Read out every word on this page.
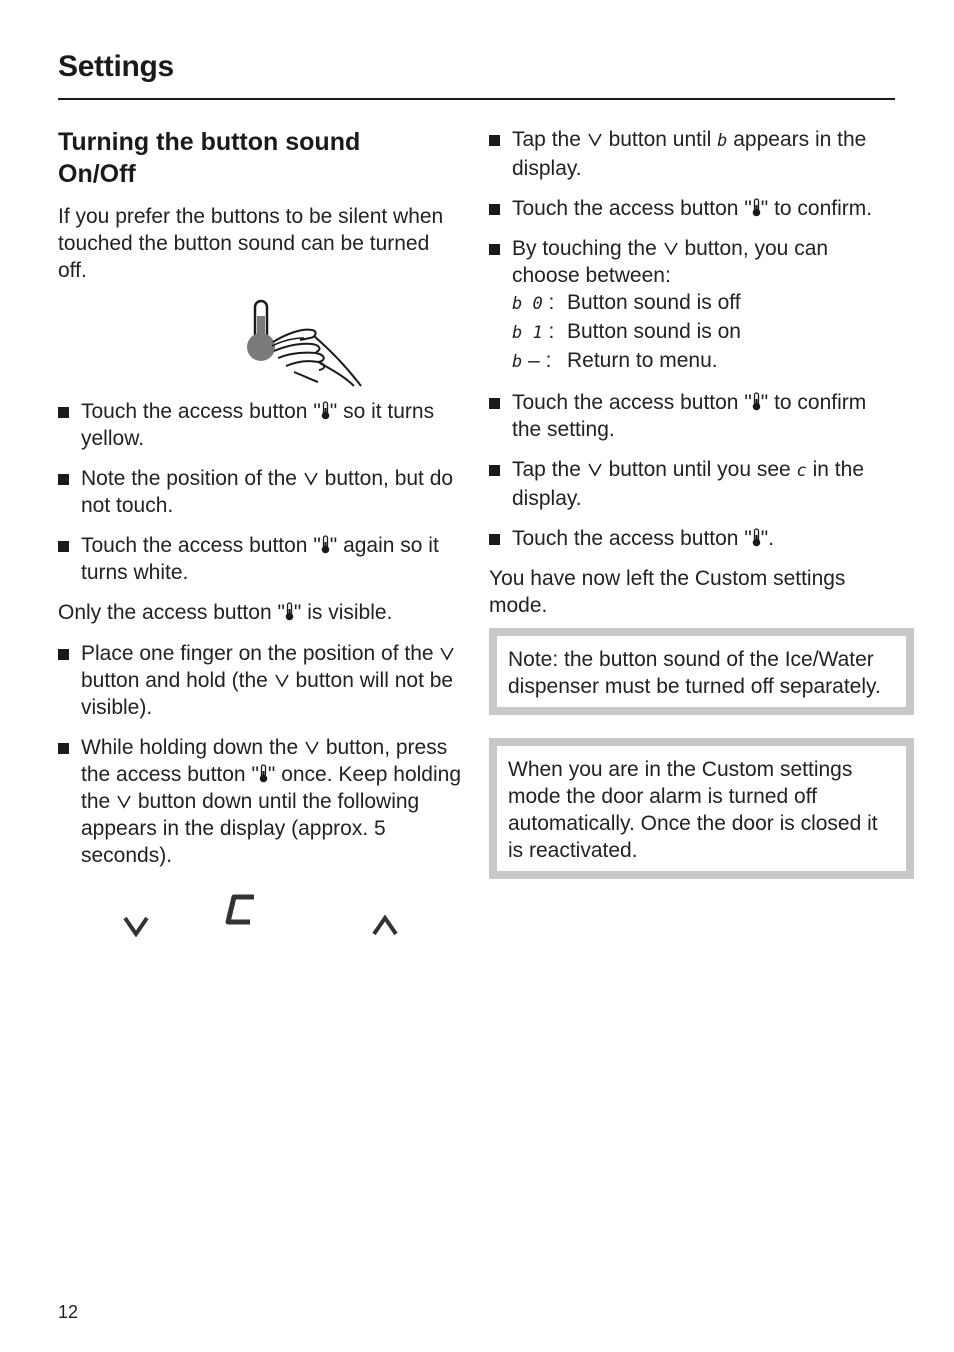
Settings
Turning the button sound
On/Off

If you prefer the buttons to be silent when touched the button sound can be turned off.

Touch the access button " " so it turns yellow.
Note the position of the  button, but do not touch.
Touch the access button " " again so it turns white.

Only the access button " " is visible.

Place one finger on the position of the  button and hold (the  button will not be visible).
While holding down the  button, press the access button " " once. Keep holding the  button down until the following appears in the display (approx. 5 seconds).
Tap the  button until b appears in the display.
Touch the access button " " to confirm.
By touching the  button, you can choose between:
b 0 :Button sound is off
b 1 :Button sound is on
b – :Return to menu.
Touch the access button " " to confirm the setting.
Tap the  button until you see c in the display.
Touch the access button " ".

You have now left the Custom settings mode.

Note: the button sound of the Ice/Water dispenser must be turned off separately.
When you are in the Custom settings mode the door alarm is turned off automatically. Once the door is closed it is reactivated.
12
